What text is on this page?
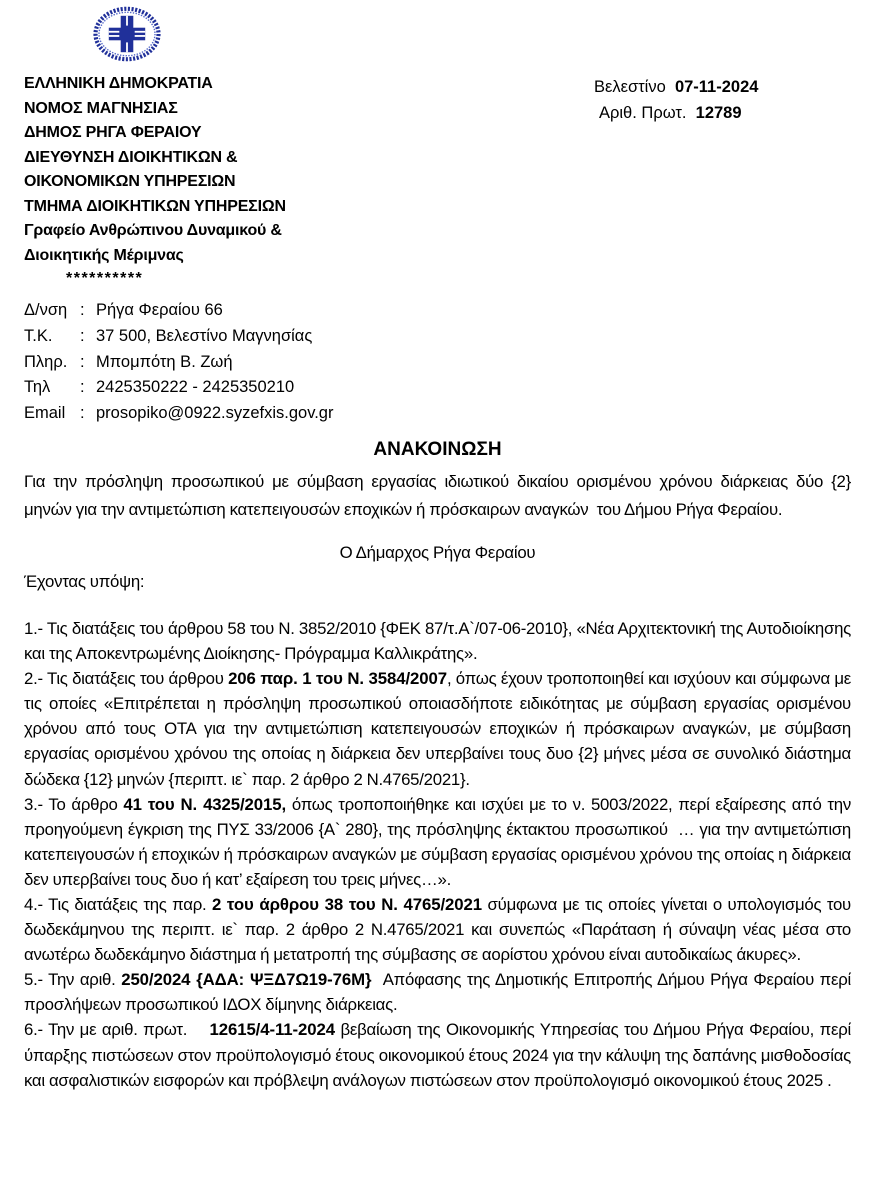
Βελεστίνο 07-11-2024
Αριθ. Πρωτ. 12789
ΕΛΛΗΝΙΚΗ ΔΗΜΟΚΡΑΤΙΑ
ΝΟΜΟΣ ΜΑΓΝΗΣΙΑΣ
ΔΗΜΟΣ ΡΗΓΑ ΦΕΡΑΙΟΥ
ΔΙΕΥΘΥΝΣΗ ΔΙΟΙΚΗΤΙΚΩΝ &
ΟΙΚΟΝΟΜΙΚΩΝ ΥΠΗΡΕΣΙΩΝ
ΤΜΗΜΑ ΔΙΟΙΚΗΤΙΚΩΝ ΥΠΗΡΕΣΙΩΝ
Γραφείο Ανθρώπινου Δυναμικού &
Διοικητικής Μέριμνας
**********
Δ/νση : Ρήγα Φεραίου 66
Τ.Κ.	: 37 500, Βελεστίνο Μαγνησίας
Πληρ. : Μπομπότη Β. Ζωή
Τηλ	: 2425350222 - 2425350210
Email : prosopiko@0922.syzefxis.gov.gr
ΑΝΑΚΟΙΝΩΣΗ

Για την πρόσληψη προσωπικού με σύμβαση εργασίας ιδιωτικού δικαίου ορισμένου χρόνου διάρκειας δύο {2} μηνών για την αντιμετώπιση κατεπειγουσών εποχικών ή πρόσκαιρων αναγκών  του Δήμου Ρήγα Φεραίου.

Ο Δήμαρχος Ρήγα Φεραίου

Έχοντας υπόψη:

1.- Τις διατάξεις του άρθρου 58 του Ν. 3852/2010 {ΦΕΚ 87/τ.Α`/07-06-2010}, «Νέα Αρχιτεκτονική της Αυτοδιοίκησης και της Αποκεντρωμένης Διοίκησης- Πρόγραμμα Καλλικράτης».

2.- Τις διατάξεις του άρθρου 206 παρ. 1 του Ν. 3584/2007, όπως έχουν τροποποιηθεί και ισχύουν και σύμφωνα με τις οποίες «Επιτρέπεται η πρόσληψη προσωπικού οποιασδήποτε ειδικότητας με σύμβαση εργασίας ορισμένου χρόνου από τους ΟΤΑ για την αντιμετώπιση κατεπειγουσών εποχικών ή πρόσκαιρων αναγκών, με σύμβαση εργασίας ορισμένου χρόνου της οποίας η διάρκεια δεν υπερβαίνει τους δυο {2} μήνες μέσα σε συνολικό διάστημα δώδεκα {12} μηνών {περιπτ. ιε` παρ. 2 άρθρο 2 Ν.4765/2021}.

3.- Το άρθρο 41 του Ν. 4325/2015, όπως τροποποιήθηκε και ισχύει με το ν. 5003/2022, περί εξαίρεσης από την προηγούμενη έγκριση της ΠΥΣ 33/2006 {Α` 280}, της πρόσληψης έκτακτου προσωπικού  … για την αντιμετώπιση κατεπειγουσών ή εποχικών ή πρόσκαιρων αναγκών με σύμβαση εργασίας ορισμένου χρόνου της οποίας η διάρκεια δεν υπερβαίνει τους δυο ή κατ’ εξαίρεση του τρεις μήνες…».

4.- Τις διατάξεις της παρ. 2 του άρθρου 38 του Ν. 4765/2021 σύμφωνα με τις οποίες γίνεται ο υπολογισμός του δωδεκάμηνου της περιπτ. ιε` παρ. 2 άρθρο 2 Ν.4765/2021 και συνεπώς «Παράταση ή σύναψη νέας μέσα στο ανωτέρω δωδεκάμηνο διάστημα ή μετατροπή της σύμβασης σε αορίστου χρόνου είναι αυτοδικαίως άκυρες».

5.- Την αριθ. 250/2024 {ΑΔΑ: ΨΞΔ7Ω19-76Μ}  Απόφασης της Δημοτικής Επιτροπής Δήμου Ρήγα Φεραίου περί προσλήψεων προσωπικού ΙΔΟΧ δίμηνης διάρκειας.

6.- Την με αριθ. πρωτ.    12615/4-11-2024 βεβαίωση της Οικονομικής Υπηρεσίας του Δήμου Ρήγα Φεραίου, περί ύπαρξης πιστώσεων στον προϋπολογισμό έτους οικονομικού έτους 2024 για την κάλυψη της δαπάνης μισθοδοσίας και ασφαλιστικών εισφορών και πρόβλεψη ανάλογων πιστώσεων στον προϋπολογισμό οικονομικού έτους 2025 .
